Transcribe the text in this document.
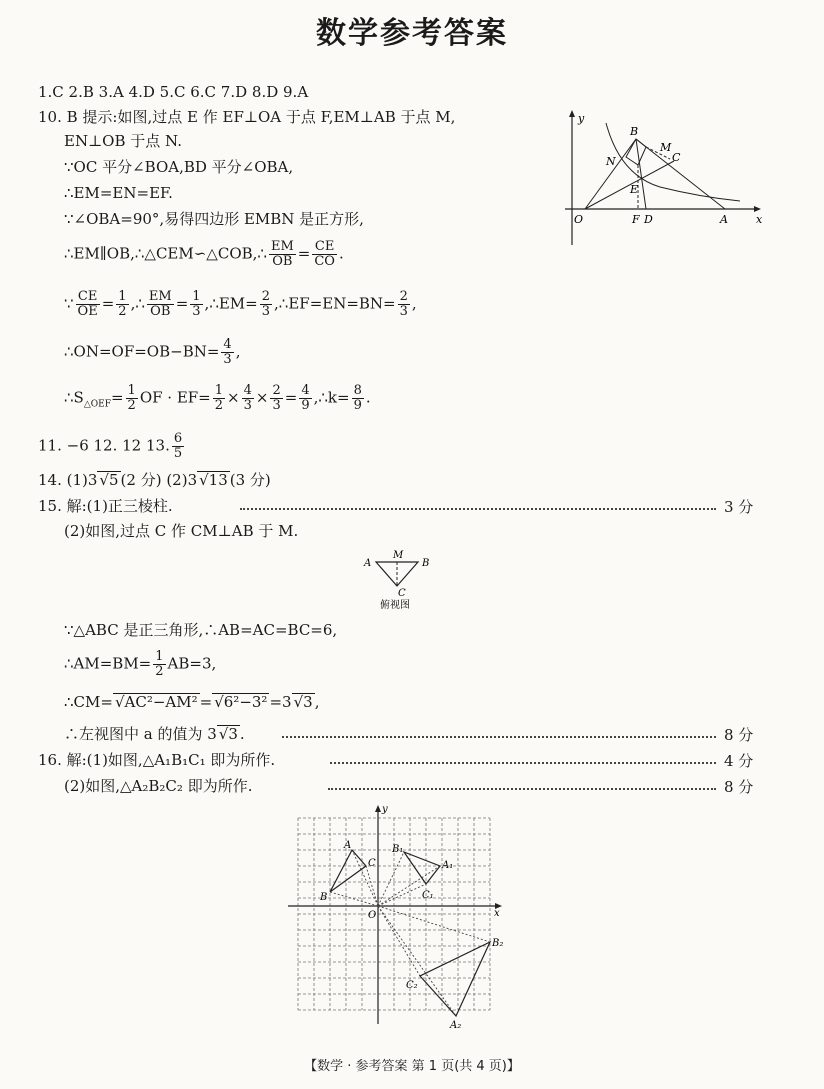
数学参考答案
1.C 2.B 3.A 4.D 5.C 6.C 7.D 8.D 9.A
10. B 提示:如图,过点 E 作 EF⊥OA 于点 F,EM⊥AB 于点 M,
EN⊥OB 于点 N.
∵OC 平分∠BOA,BD 平分∠OBA,
∴EM=EN=EF.
∵∠OBA=90°,易得四边形 EMBN 是正方形,
∴EM∥OB,∴△CEM∽△COB,∴ $\frac{EM}{OB} = \frac{CE}{CO}$ .
∵ $\frac{CE}{OE} = \frac{1}{2}$ ,∴ $\frac{EM}{OB} = \frac{1}{3}$ ,∴EM= $\frac{2}{3}$ ,∴EF=EN=BN= $\frac{2}{3}$ ,
∴ON=OF=OB−BN= $\frac{4}{3}$ ,
$\therefore S_{\triangle OEF}= \frac{1}{2}$ OF · $EF= \frac{1}{2} \times \frac{4}{3} \times \frac{2}{3} = \frac{4}{9}$ ,∴k= $\frac{8}{9}$ .
y
x
O	F D	A
B
M
C
N
E
11. −6 12. 12 13. $\frac{6}{5}$
14. (1)3 √5 (2 分) (2)3 √13 (3 分)
15. 解:(1)正三棱柱.	3 分
(2)如图,过点 C 作 CM⊥AB 于 M.
A
M
B
C
俯视图
∵△ABC 是正三角形,∴AB=AC=BC=6,
∴AM=BM= $\frac{1}{2} AB=3$,
∴CM= √AC²−AM² = √6²−3² =3 √3 ,
∴左视图中 a 的值为 3 √3 .	8 分
16. 解:(1)如图,△A₁B₁C₁ 即为所作.	4 分
(2)如图,△A₂B₂C₂ 即为所作.	8 分
y
x
O
A
B
C	A₁
B₁
C₁
A₂
B₂
C₂
【数学 · 参考答案 第 1 页(共 4 页)】
